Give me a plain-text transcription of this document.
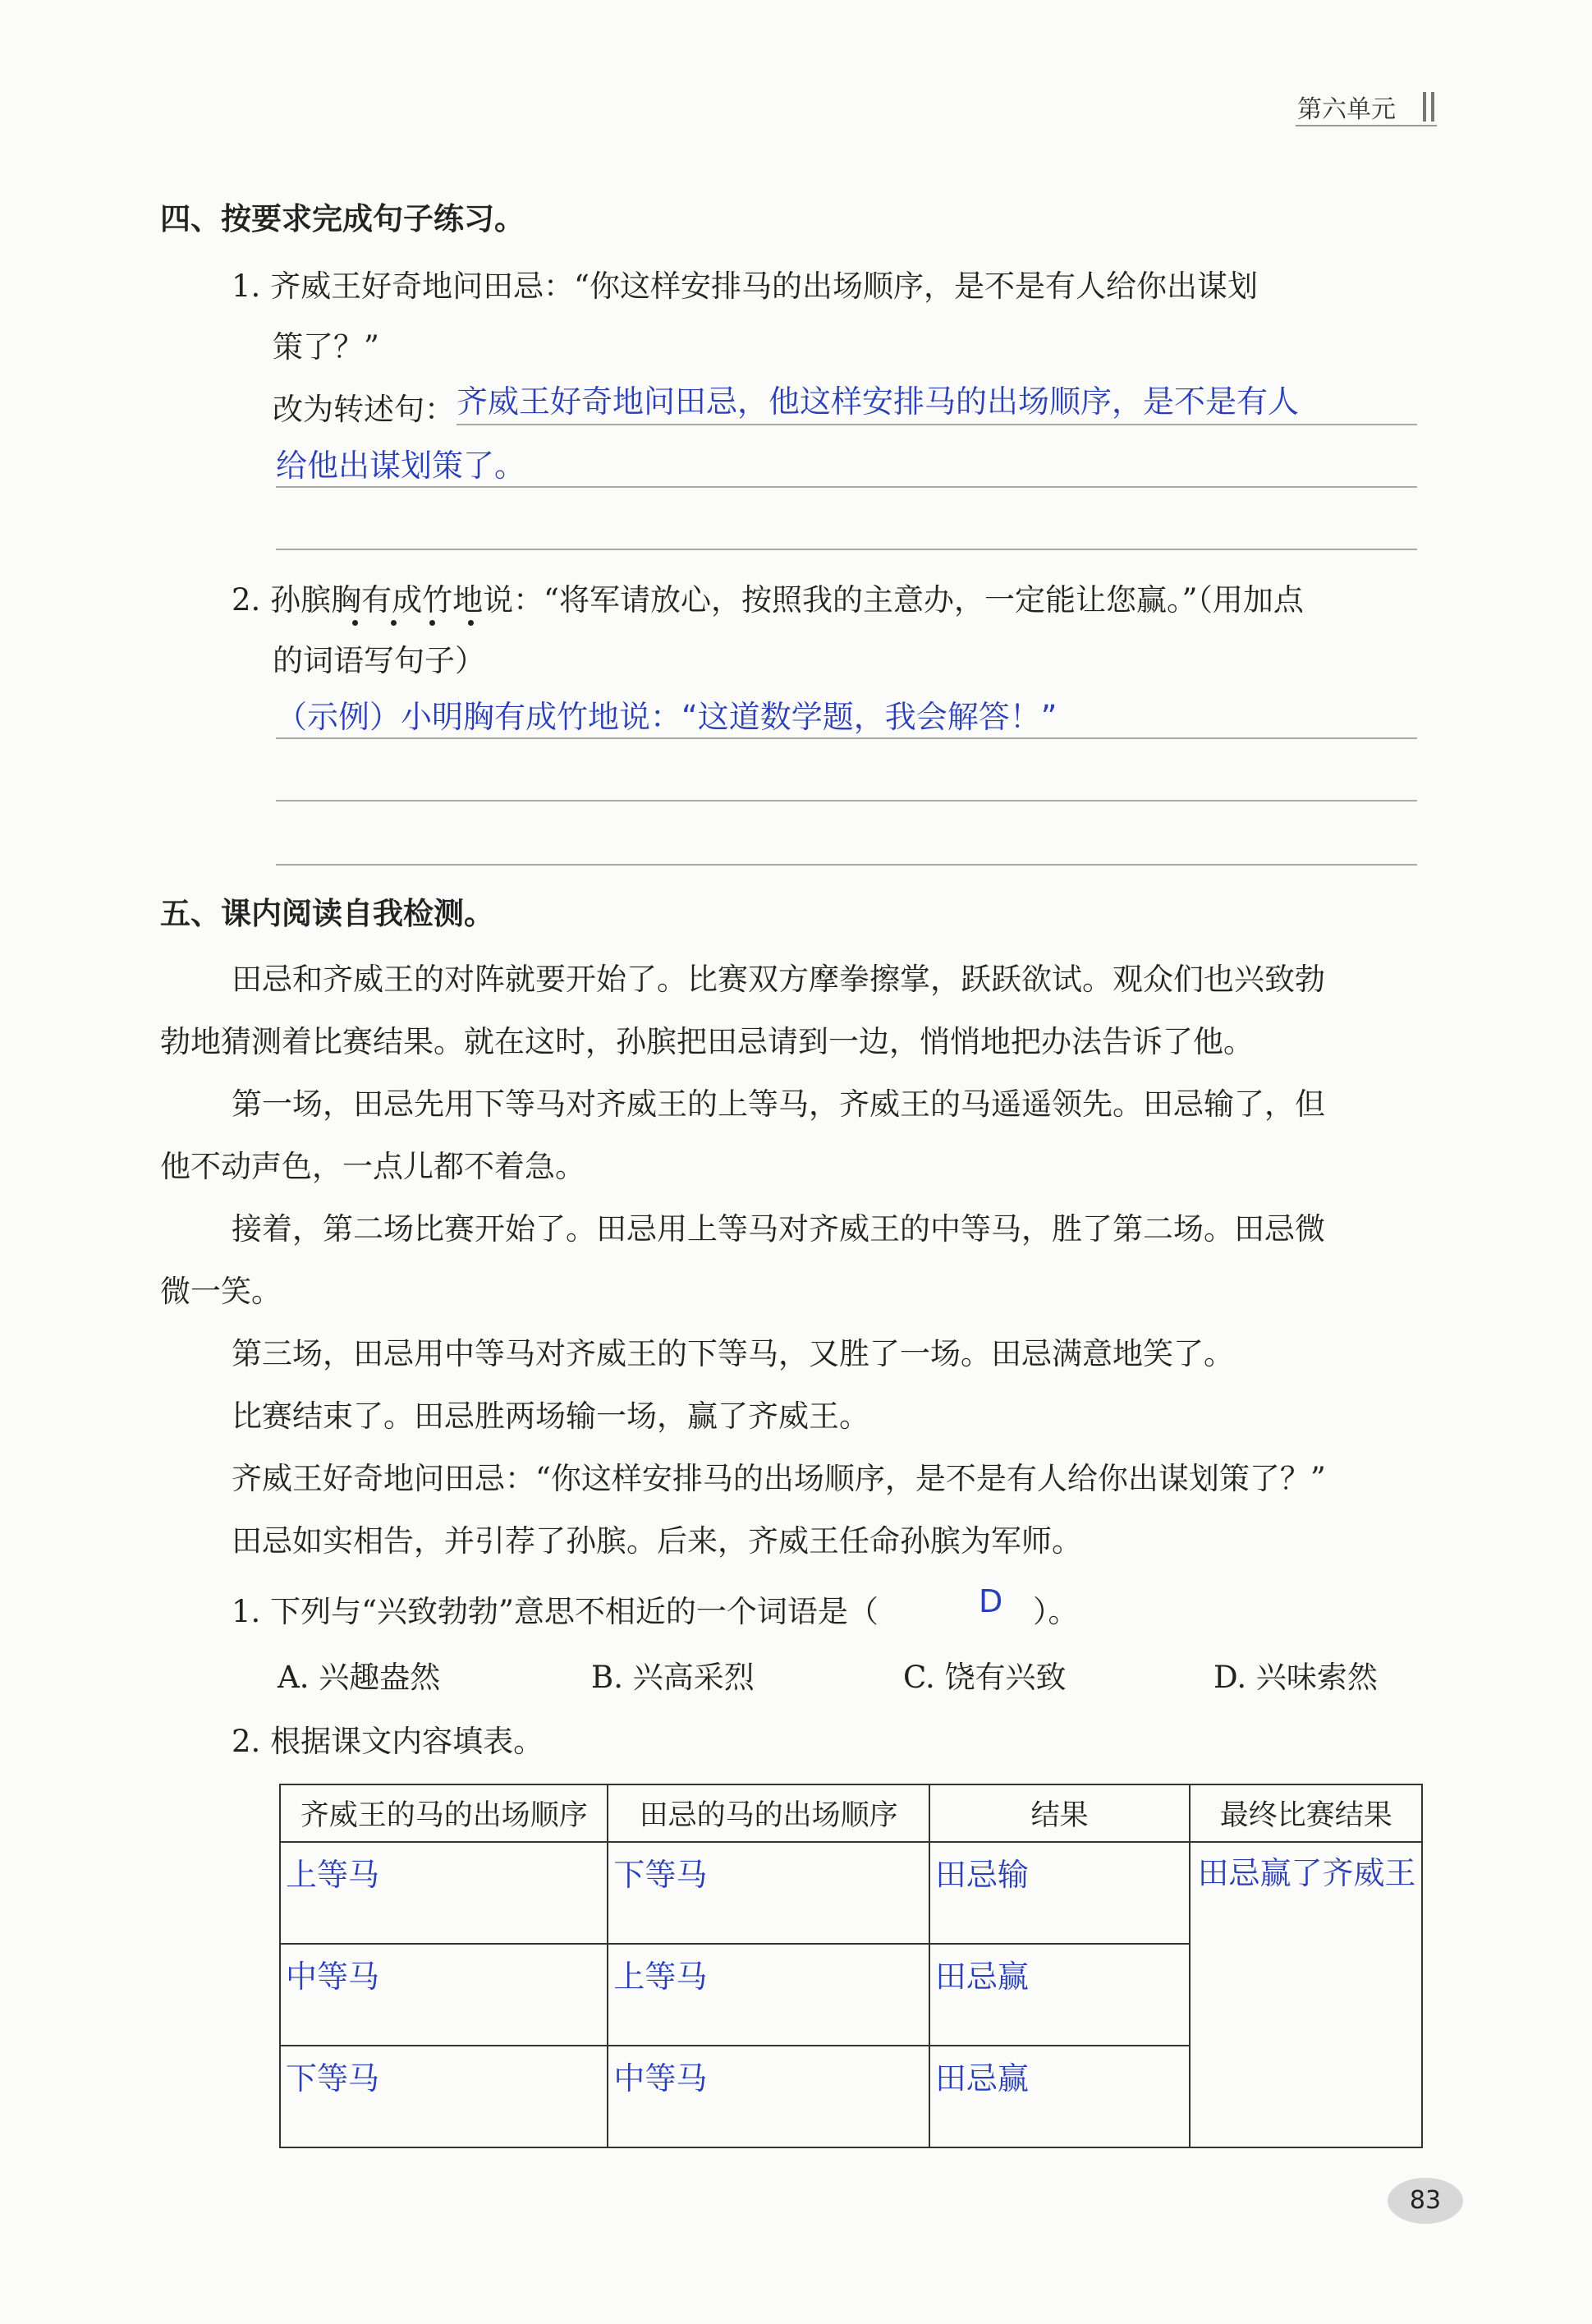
第六单元
四、按要求完成句子练习。
1. 齐威王好奇地问田忌：“你这样安排马的出场顺序，是不是有人给你出谋划
策了？”
改为转述句： 齐威王好奇地问田忌，他这样安排马的出场顺序，是不是有人
给他出谋划策了。
2. 孙膑胸有成竹地说：“将军请放心，按照我的主意办，一定能让您赢。”（用加点
的词语写句子）
（示例）小明胸有成竹地说：“这道数学题，我会解答！”
五、课内阅读自我检测。
田忌和齐威王的对阵就要开始了。比赛双方摩拳擦掌，跃跃欲试。观众们也兴致勃
勃地猜测着比赛结果。就在这时，孙膑把田忌请到一边，悄悄地把办法告诉了他。
第一场，田忌先用下等马对齐威王的上等马，齐威王的马遥遥领先。田忌输了，但
他不动声色，一点儿都不着急。
接着，第二场比赛开始了。田忌用上等马对齐威王的中等马，胜了第二场。田忌微
微一笑。
第三场，田忌用中等马对齐威王的下等马，又胜了一场。田忌满意地笑了。
比赛结束了。田忌胜两场输一场，赢了齐威王。
齐威王好奇地问田忌：“你这样安排马的出场顺序，是不是有人给你出谋划策了？”
田忌如实相告，并引荐了孙膑。后来，齐威王任命孙膑为军师。
1. 下列与“兴致勃勃”意思不相近的一个词语是（	D ）。
A. 兴趣盎然	B. 兴高采烈	C. 饶有兴致	D. 兴味索然
2. 根据课文内容填表。
齐威王的马的出场顺序	田忌的马的出场顺序	结果	最终比赛结果
上等马	下等马	田忌输	田忌赢了齐威王
中等马	上等马	田忌赢	
下等马	中等马	田忌赢	
83
